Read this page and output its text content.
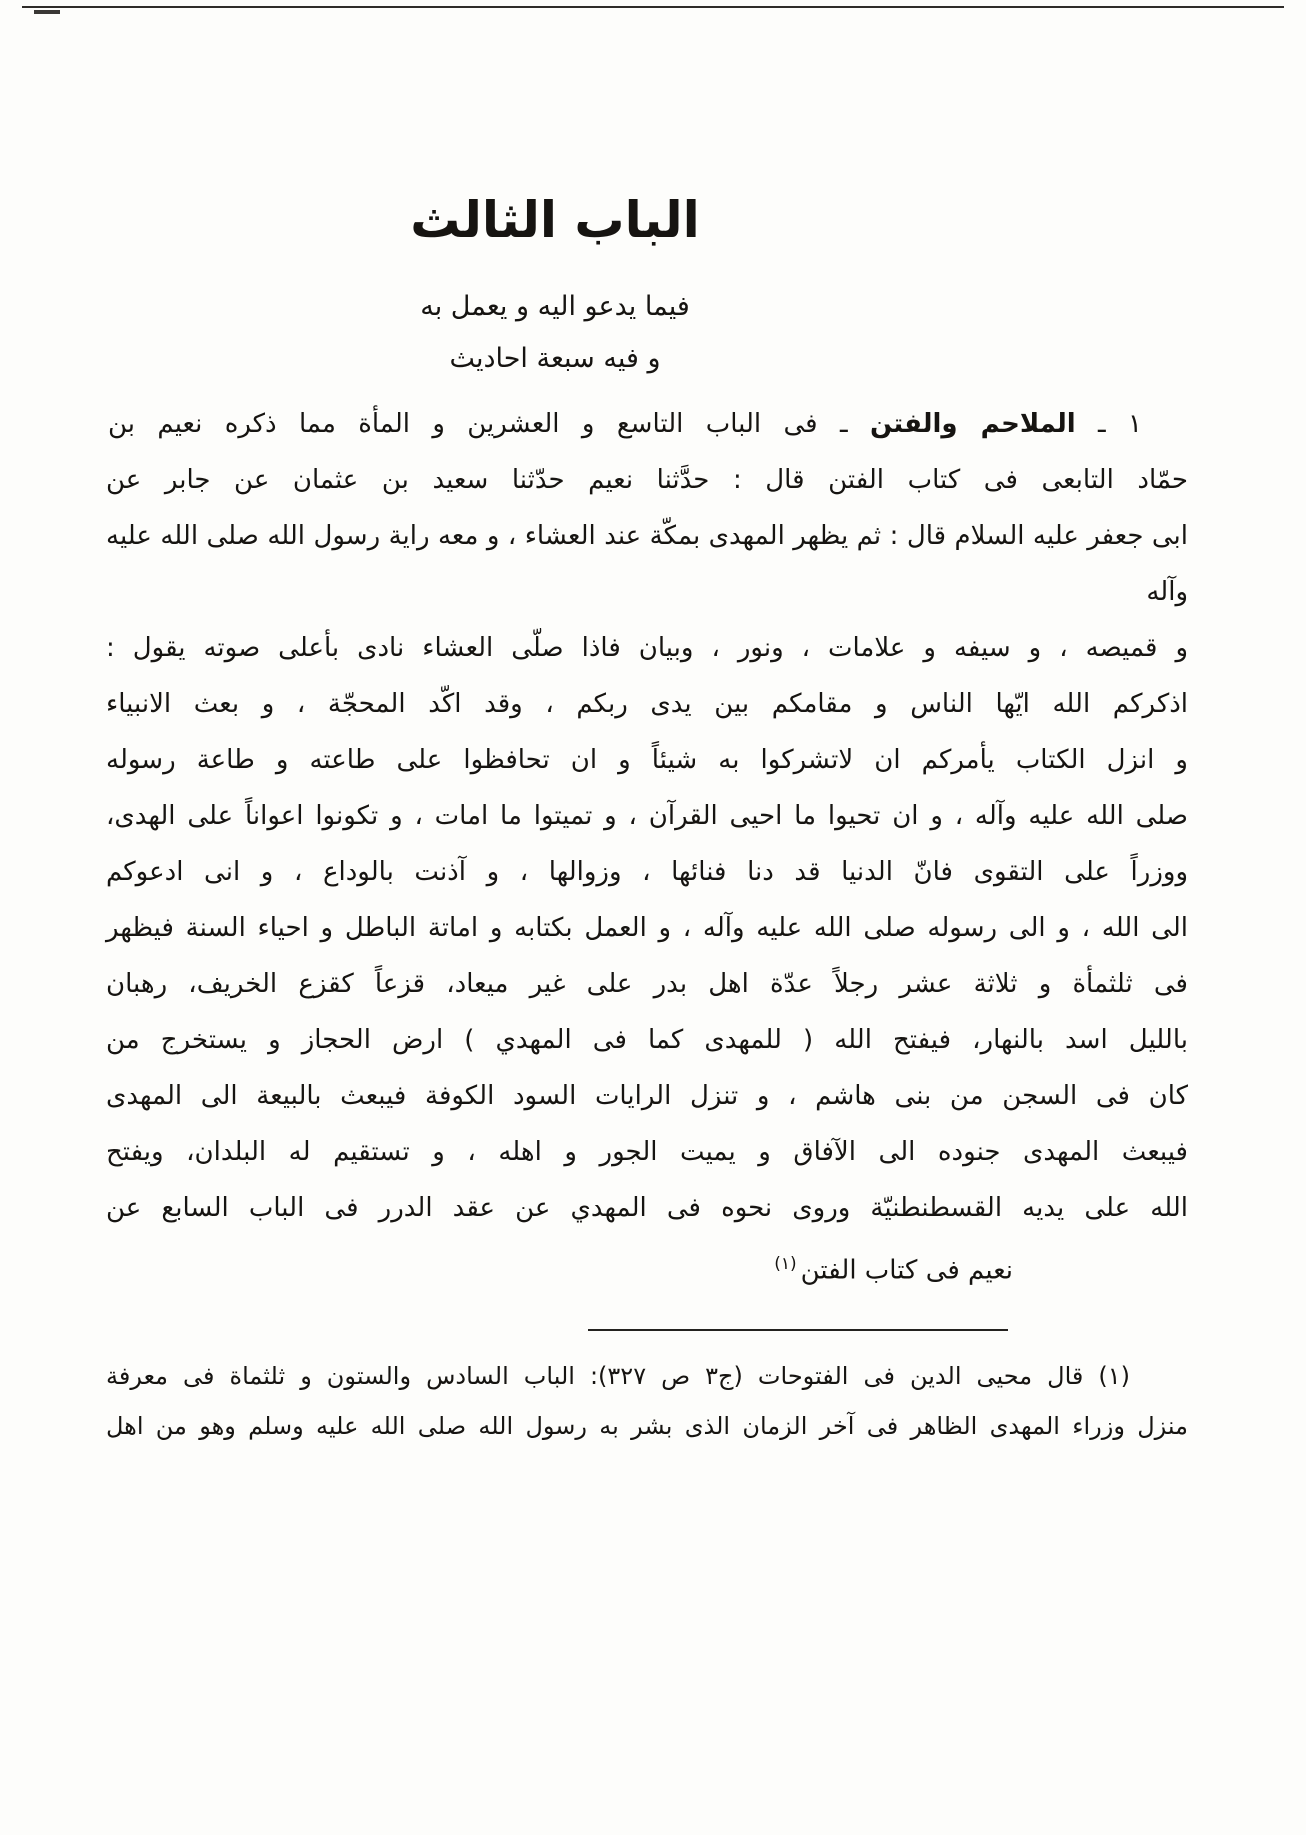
الباب الثالث
فيما يدعو اليه و يعمل به
و فيه سبعة احاديث
١ ـ الملاحم والفتن ـ فى الباب التاسع و العشرين و المأة مما ذكره نعيم بن
حمّاد التابعى فى كتاب الفتن قال : حدَّثنا نعيم حدّثنا سعيد بن عثمان عن جابر عن
ابى جعفر عليه السلام قال : ثم يظهر المهدى بمكّة عند العشاء ، و معه راية رسول الله صلى الله عليه وآله
و قميصه ، و سيفه و علامات ، ونور ، وبيان فاذا صلّى العشاء نادى بأعلى صوته يقول :
اذكركم الله ايّها الناس و مقامكم بين يدى ربكم ، وقد اكّد المحجّة ، و بعث الانبياء
و انزل الكتاب يأمركم ان لاتشركوا به شيئاً و ان تحافظوا على طاعته و طاعة رسوله
صلى الله عليه وآله ، و ان تحيوا ما احيى القرآن ، و تميتوا ما امات ، و تكونوا اعواناً على الهدى،
ووزراً على التقوى فانّ الدنيا قد دنا فنائها ، وزوالها ، و آذنت بالوداع ، و انى ادعوكم
الى الله ، و الى رسوله صلى الله عليه وآله ، و العمل بكتابه و اماتة الباطل و احياء السنة فيظهر
فى ثلثمأة و ثلاثة عشر رجلاً عدّة اهل بدر على غير ميعاد، قزعاً كقزع الخريف، رهبان
بالليل اسد بالنهار، فيفتح الله ( للمهدى كما فى المهدي ) ارض الحجاز و يستخرج من
كان فى السجن من بنى هاشم ، و تنزل الرايات السود الكوفة فيبعث بالبيعة الى المهدى
فيبعث المهدى جنوده الى الآفاق و يميت الجور و اهله ، و تستقيم له البلدان، ويفتح
الله على يديه القسطنطنيّة وروى نحوه فى المهدي عن عقد الدرر فى الباب السابع عن
نعيم فى كتاب الفتن$^{(١)}$
(١) قال محيى الدين فى الفتوحات (ج٣ ص ٣٢٧): الباب السادس والستون و ثلثماة فى معرفة
منزل وزراء المهدى الظاهر فى آخر الزمان الذى بشر به رسول الله صلى الله عليه وسلم وهو من اهل
